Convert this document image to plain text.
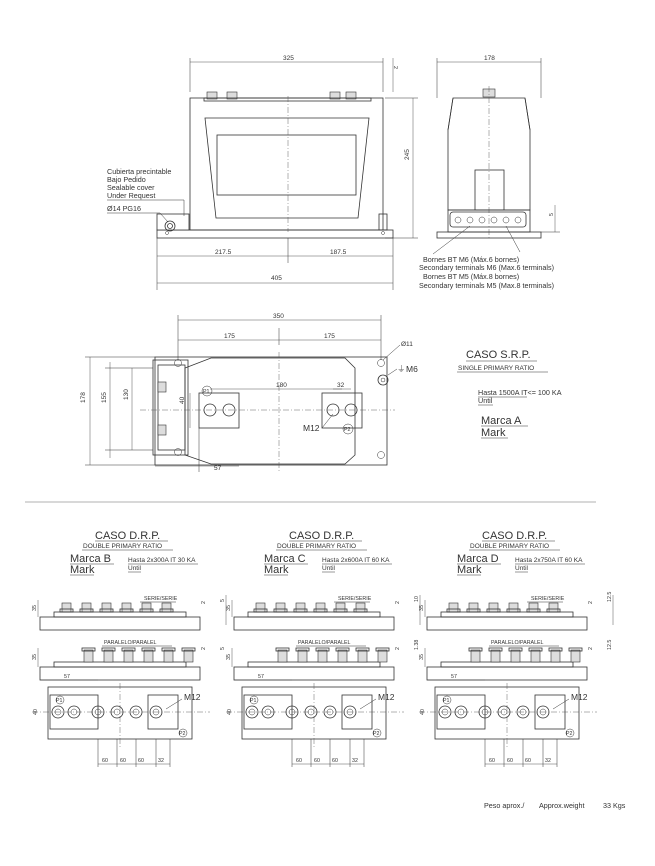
325
2
245
217.5	187.5
405
Cubierta precintable
Bajo Pedido
Sealable cover
Under Request
Ø14 PG16
178
5
Bornes BT M6 (Máx.6 bornes)
Secondary terminals M6 (Max.6 terminals)
Bornes BT M5 (Máx.8 bornes)
Secondary terminals M5 (Max.8 terminals)
350
175	175
P1
P2
180	32
40
178 155 130
57
Ø11
⏚ M6
M12
CASO S.R.P.
SINGLE PRIMARY RATIO
Hasta 1500A IT<= 100 KA
Until
Marca A
Mark
CASO D.R.P.
DOUBLE PRIMARY RATIO
Marca B
Mark
Hasta 2x300A IT 30 KA
Until
SERIE/SERIE
35
2
5
PARALELO/PARALEL
35
2 5
57
P1
P2
M12
40
60 60 60	32
CASO D.R.P.
DOUBLE PRIMARY RATIO
Marca C
Mark
Hasta 2x600A IT 60 KA
Until
SERIE/SERIE
35
2
10
PARALELO/PARALEL
35
2 1.38
57
P1
P2
M12
40
60 60 60	32
CASO D.R.P.
DOUBLE PRIMARY RATIO
Marca D
Mark
Hasta 2x750A IT 60 KA
Until
SERIE/SERIE
35
2
12.5
PARALELO/PARALEL
35
2 12.5
57
P1
P2
M12
40
60 60 60	32
Peso aprox./ Approx.weight	33 Kgs
